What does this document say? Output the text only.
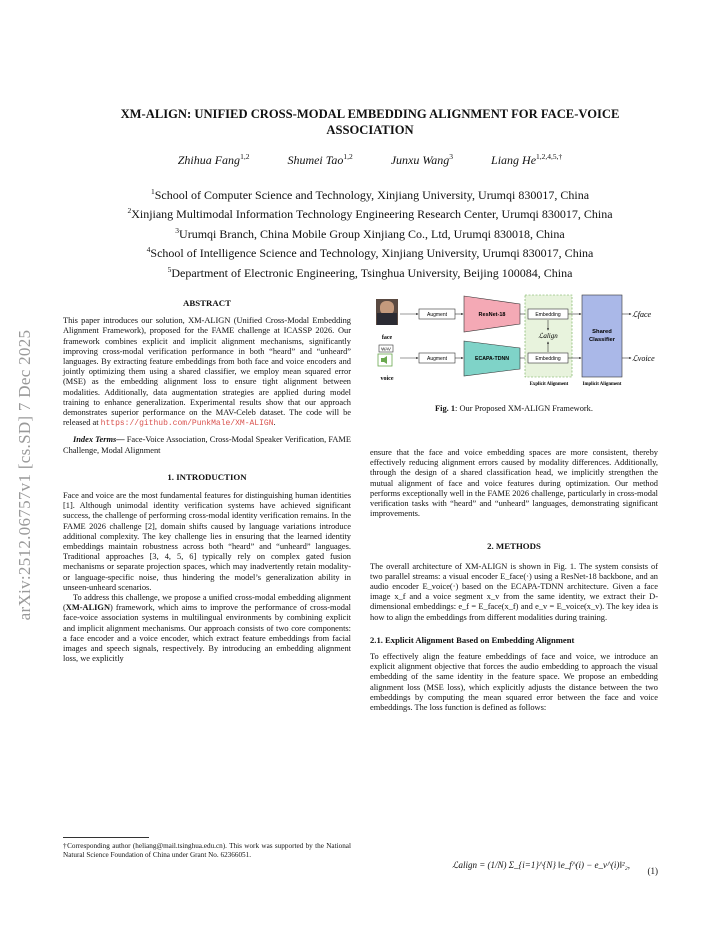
arXiv:2512.06757v1 [cs.SD] 7 Dec 2025
XM-ALIGN: UNIFIED CROSS-MODAL EMBEDDING ALIGNMENT FOR FACE-VOICE ASSOCIATION
Zhihua Fang$^{1,2}$	Shumei Tao$^{1,2}$	Junxu Wang$^3$	Liang $He^{1,2,4,5,\dagger}$
$^1$School of Computer Science and Technology, Xinjiang University, Urumqi 830017, China
$^2$Xinjiang Multimodal Information Technology Engineering Research Center, Urumqi 830017, China
$^3$Urumqi Branch, China Mobile Group Xinjiang Co., Ltd, Urumqi 830018, China
$^4$School of Intelligence Science and Technology, Xinjiang University, Urumqi 830017, China
$^5$Department of Electronic Engineering, Tsinghua University, Beijing 100084, China

ABSTRACT

This paper introduces our solution, XM-ALIGN (Unified Cross-Modal Embedding Alignment Framework), proposed for the FAME challenge at ICASSP 2026. Our framework combines explicit and implicit alignment mechanisms, significantly improving cross-modal verification performance in both “heard” and “unheard” languages. By extracting feature embeddings from both face and voice encoders and jointly optimizing them using a shared classifier, we employ mean squared error (MSE) as the embedding alignment loss to ensure tight alignment between modalities. Additionally, data augmentation strategies are applied during model training to enhance generalization. Experimental results show that our approach demonstrates superior performance on the MAV-Celeb dataset. The code will be released at https://github.com/PunkMale/XM-ALIGN.

Index Terms— Face-Voice Association, Cross-Modal Speaker Verification, FAME Challenge, Modal Alignment

1. INTRODUCTION

Face and voice are the most fundamental features for distinguishing human identities [1]. Although unimodal identity verification systems have achieved significant success, the challenge of performing cross-modal identity verification remains. In the FAME 2026 challenge [2], domain shifts caused by language variations introduce additional complexity. The key challenge lies in ensuring that the learned identity embeddings maintain robustness across both “heard” and “unheard” languages. Traditional approaches [3, 4, 5, 6] typically rely on complex gated fusion mechanisms or separate projection spaces, which may inadvertently retain modality- or language-specific noise, thus hindering the model’s generalization ability in unseen-unheard scenarios.

To address this challenge, we propose a unified cross-modal embedding alignment (XM-ALIGN) framework, which aims to improve the performance of cross-modal face-voice association systems in multilingual environments by combining explicit and implicit alignment mechanisms. Our approach consists of two core components: a face encoder and a voice encoder, which extract feature embeddings from facial images and speech signals, respectively. By introducing an embedding alignment loss, we explicitly

†Corresponding author (heliang@mail.tsinghua.edu.cn). This work was supported by the National Natural Science Foundation of China under Grant No. 62366051.
face
WAV
voice
Augment
Augment
ResNet-18
ECAPA-TDNN
Embedding
Embedding
ℒalign	Shared
Classifier
ℒface
ℒvoice
Explicit Alignment	Implicit Alignment
Fig. 1: Our Proposed XM-ALIGN Framework.

ensure that the face and voice embedding spaces are more consistent, thereby effectively reducing alignment errors caused by modality differences. Additionally, through the design of a shared classification head, we implicitly strengthen the mutual alignment of face and voice features during optimization. Our method performs exceptionally well in the FAME 2026 challenge, particularly in cross-modal verification tasks with “heard” and “unheard” languages, demonstrating significant improvements.

2. METHODS

The overall architecture of XM-ALIGN is shown in Fig. 1. The system consists of two parallel streams: a visual encoder E_face(·) using a ResNet-18 backbone, and an audio encoder E_voice(·) based on the ECAPA-TDNN architecture. Given a face image x_f and a voice segment x_v from the same identity, we extract their D-dimensional embeddings: e_f = E_face(x_f) and e_v = E_voice(x_v). The key idea is how to align the embeddings from different modalities during training.

2.1. Explicit Alignment Based on Embedding Alignment

To effectively align the feature embeddings of face and voice, we introduce an explicit alignment objective that forces the audio embedding to approach the visual embedding of the same identity in the feature space. We propose an embedding alignment loss (MSE loss), which explicitly adjusts the distance between the two embeddings by computing the mean squared error between the face and voice embeddings. The loss function is defined as follows:

ℒalign = (1/N) Σ_{i=1}^{N} ‖e_f^(i) − e_v^(i)‖²₂,
(1)
